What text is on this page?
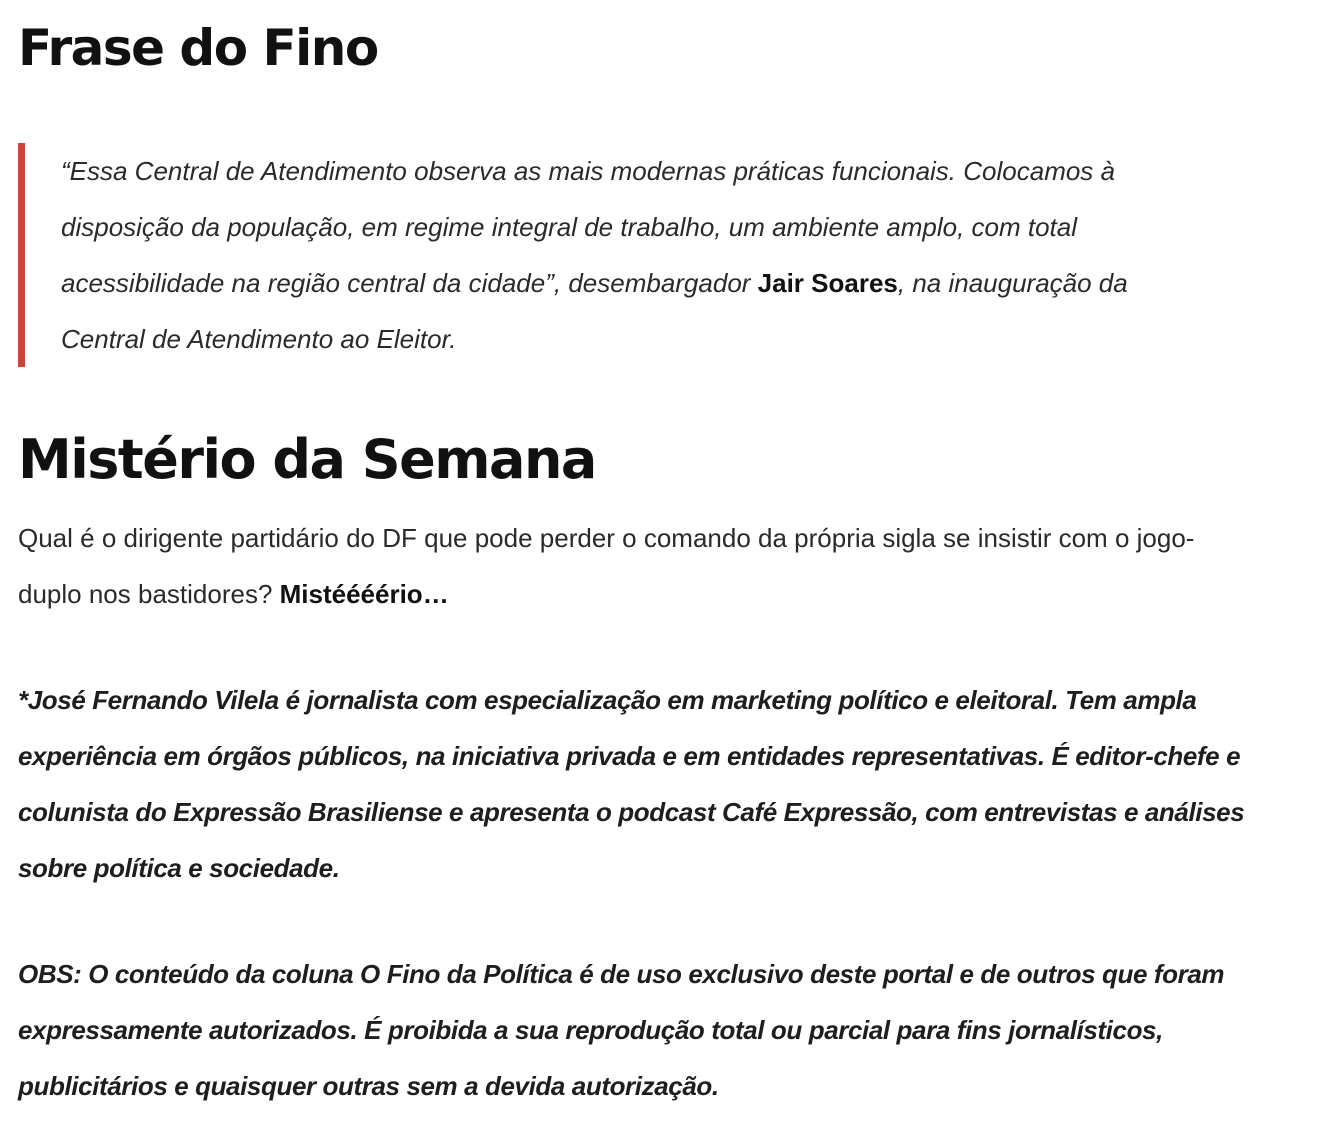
Frase do Fino

“Essa Central de Atendimento observa as mais modernas práticas funcionais. Colocamos à
disposição da população, em regime integral de trabalho, um ambiente amplo, com total
acessibilidade na região central da cidade”, desembargador Jair Soares, na inauguração da
Central de Atendimento ao Eleitor.

Mistério da Semana

Qual é o dirigente partidário do DF que pode perder o comando da própria sigla se insistir com o jogo-
duplo nos bastidores? Mistéééério…

*José Fernando Vilela é jornalista com especialização em marketing político e eleitoral. Tem ampla
experiência em órgãos públicos, na iniciativa privada e em entidades representativas. É editor-chefe e
colunista do Expressão Brasiliense e apresenta o podcast Café Expressão, com entrevistas e análises
sobre política e sociedade.

OBS: O conteúdo da coluna O Fino da Política é de uso exclusivo deste portal e de outros que foram
expressamente autorizados. É proibida a sua reprodução total ou parcial para fins jornalísticos,
publicitários e quaisquer outras sem a devida autorização.
